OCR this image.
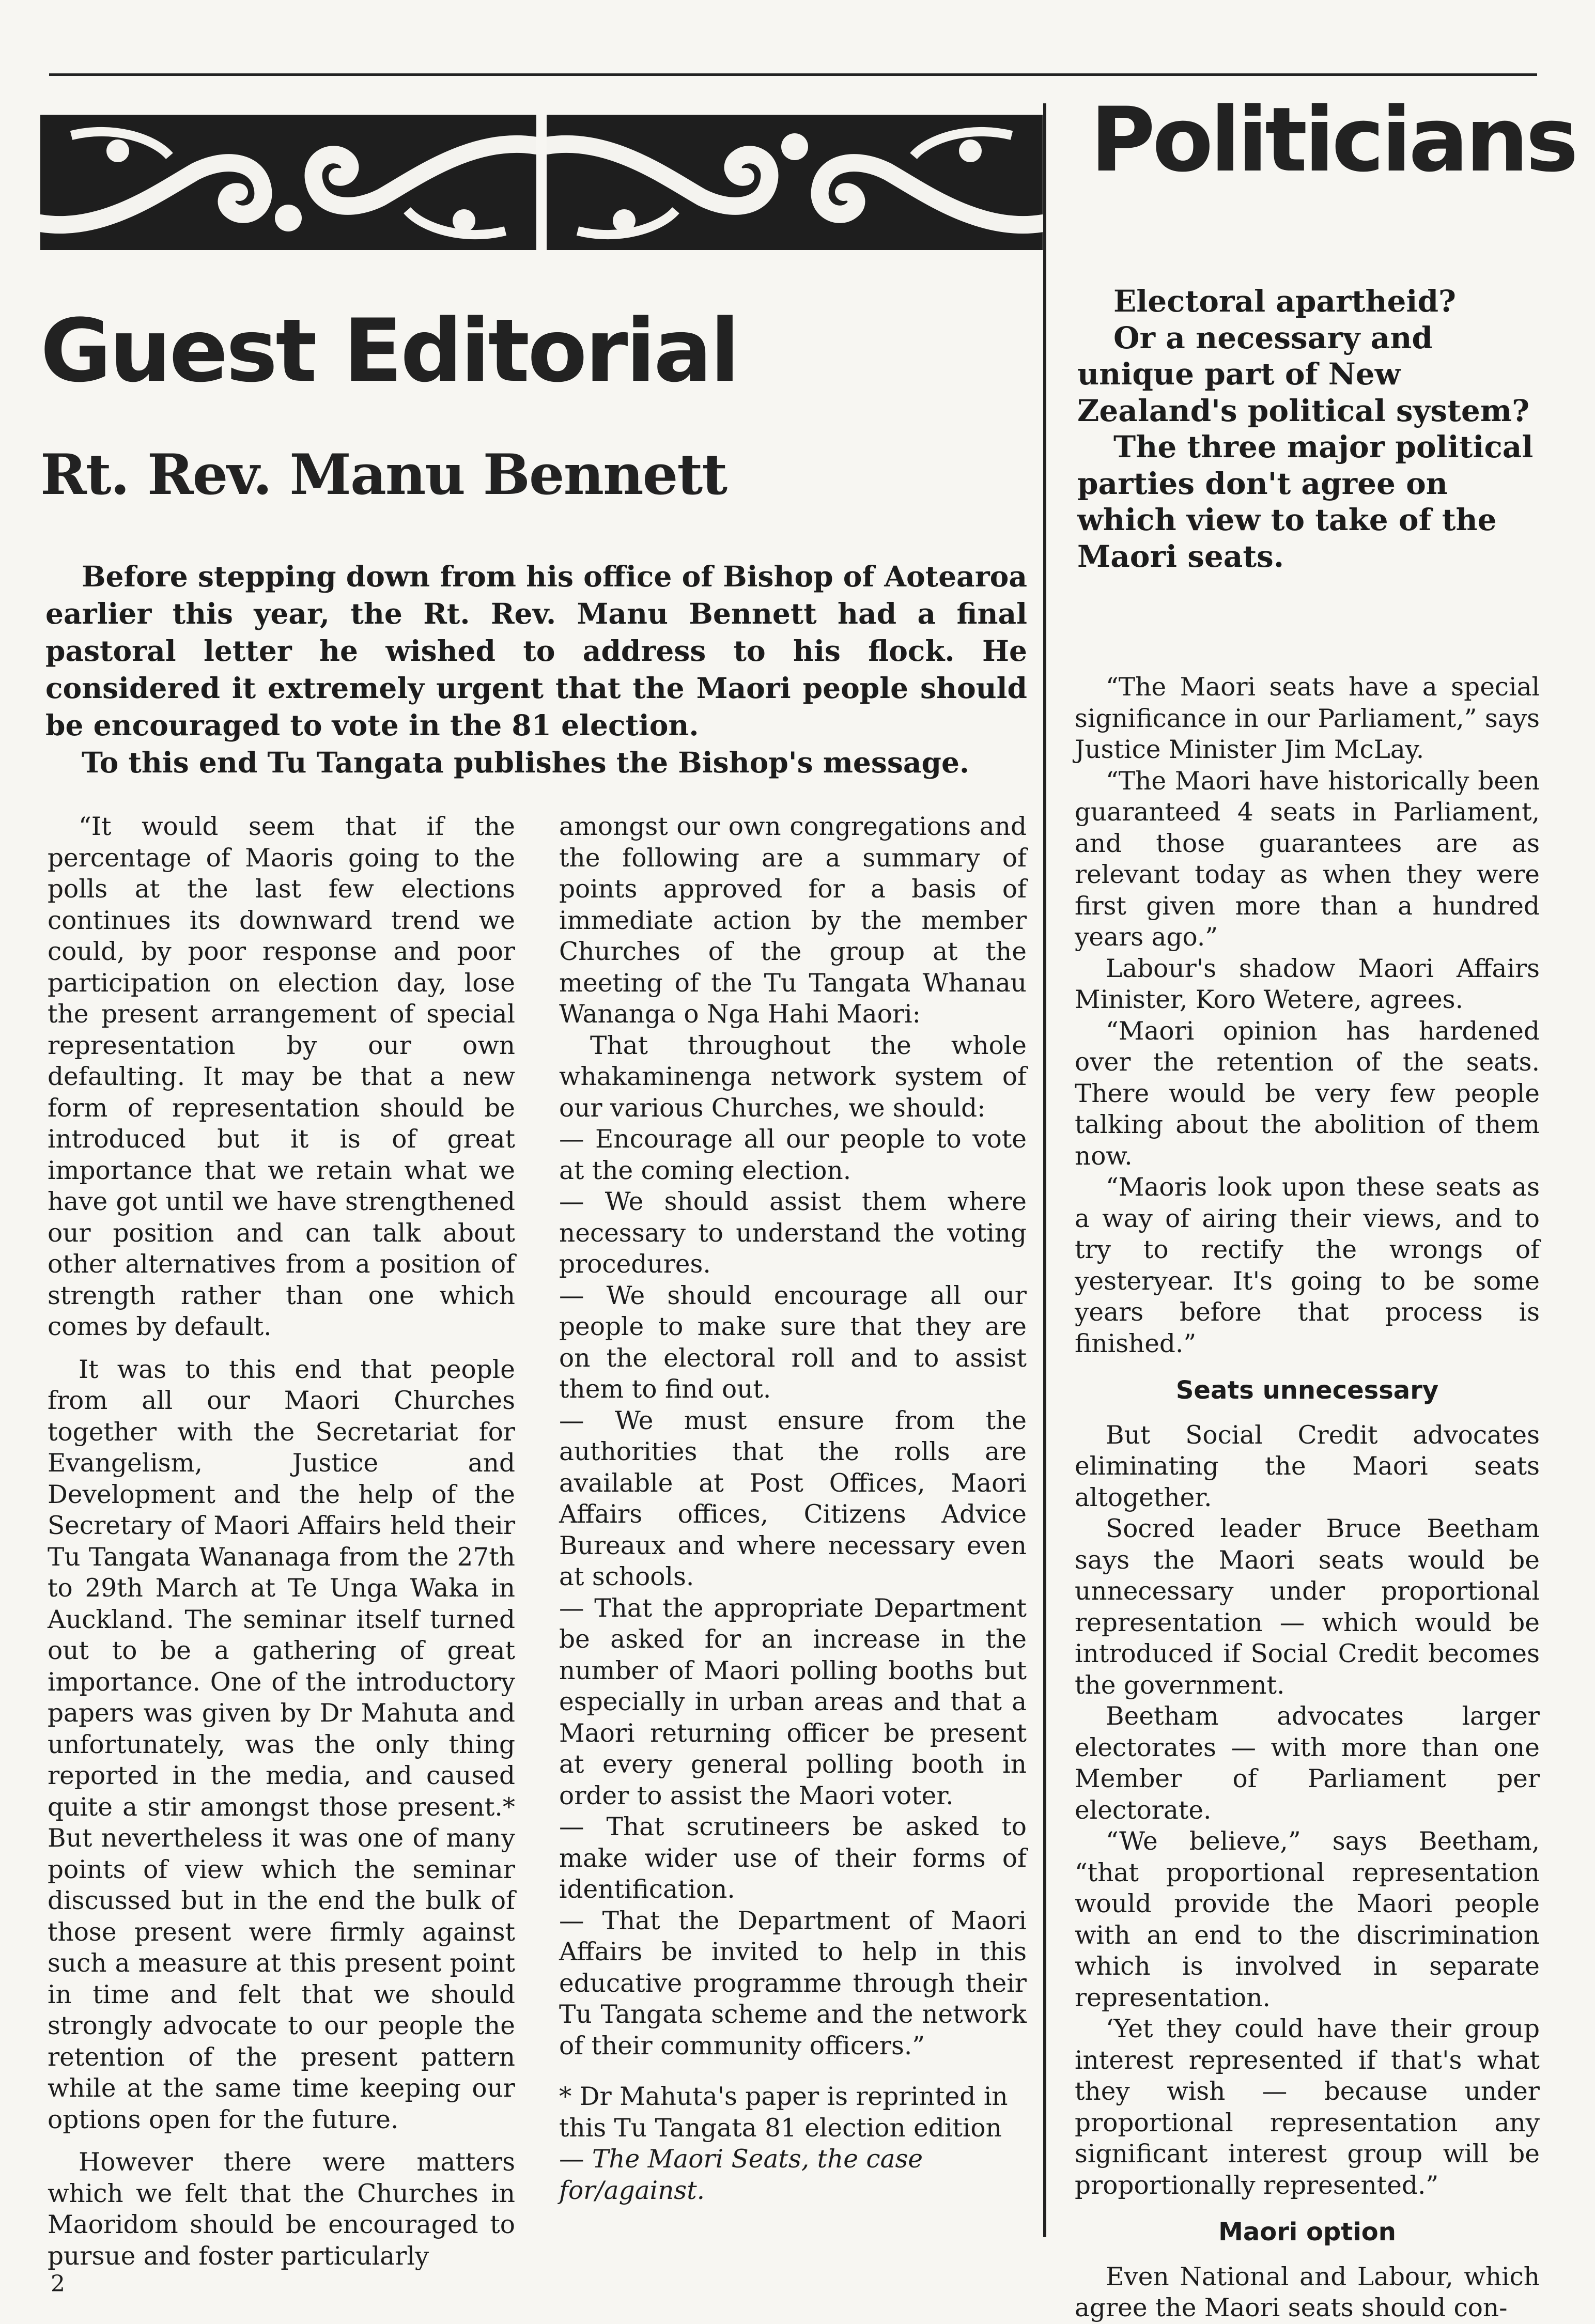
Guest Editorial
Rt. Rev. Manu Bennett

Before stepping down from his office of Bishop of Aotearoa earlier this year, the Rt. Rev. Manu Bennett had a final pastoral letter he wished to address to his flock. He considered it extremely urgent that the Maori people should be encouraged to vote in the 81 election.

To this end Tu Tangata publishes the Bishop's message.

“It would seem that if the percentage of Maoris going to the polls at the last few elections continues its downward trend we could, by poor response and poor participation on election day, lose the present arrangement of special representation by our own defaulting. It may be that a new form of representation should be introduced but it is of great importance that we retain what we have got until we have strengthened our position and can talk about other alternatives from a position of strength rather than one which comes by default.

It was to this end that people from all our Maori Churches together with the Secretariat for Evangelism, Justice and Development and the help of the Secretary of Maori Affairs held their Tu Tangata Wananaga from the 27th to 29th March at Te Unga Waka in Auckland. The seminar itself turned out to be a gathering of great importance. One of the introductory papers was given by Dr Mahuta and unfortunately, was the only thing reported in the media, and caused quite a stir amongst those present.* But nevertheless it was one of many points of view which the seminar discussed but in the end the bulk of those present were firmly against such a measure at this present point in time and felt that we should strongly advocate to our people the retention of the present pattern while at the same time keeping our options open for the future.

However there were matters which we felt that the Churches in Maoridom should be encouraged to pursue and foster particularly

amongst our own congregations and the following are a summary of points approved for a basis of immediate action by the member Churches of the group at the meeting of the Tu Tangata Whanau Wananga o Nga Hahi Maori:

That throughout the whole whakaminenga network system of our various Churches, we should:

— Encourage all our people to vote at the coming election.

— We should assist them where necessary to understand the voting procedures.

— We should encourage all our people to make sure that they are on the electoral roll and to assist them to find out.

— We must ensure from the authorities that the rolls are available at Post Offices, Maori Affairs offices, Citizens Advice Bureaux and where necessary even at schools.

— That the appropriate Department be asked for an increase in the number of Maori polling booths but especially in urban areas and that a Maori returning officer be present at every general polling booth in order to assist the Maori voter.

— That scrutineers be asked to make wider use of their forms of identification.

— That the Department of Maori Affairs be invited to help in this educative programme through their Tu Tangata scheme and the network of their community officers.”

* Dr Mahuta's paper is reprinted in this Tu Tangata 81 election edition — The Maori Seats, the case for/against.

Politicians

Electoral apartheid?

Or a necessary and unique part of New Zealand's political system?

The three major political parties don't agree on which view to take of the Maori seats.

“The Maori seats have a special significance in our Parliament,” says Justice Minister Jim McLay.

“The Maori have historically been guaranteed 4 seats in Parliament, and those guarantees are as relevant today as when they were first given more than a hundred years ago.”

Labour's shadow Maori Affairs Minister, Koro Wetere, agrees.

“Maori opinion has hardened over the retention of the seats. There would be very few people talking about the abolition of them now.

“Maoris look upon these seats as a way of airing their views, and to try to rectify the wrongs of yesteryear. It's going to be some years before that process is finished.”

Seats unnecessary

But Social Credit advocates eliminating the Maori seats altogether.

Socred leader Bruce Beetham says the Maori seats would be unnecessary under proportional representation — which would be introduced if Social Credit becomes the government.

Beetham advocates larger electorates — with more than one Member of Parliament per electorate.

“We believe,” says Beetham, “that proportional representation would provide the Maori people with an end to the discrimination which is involved in separate representation.

‘Yet they could have their group interest represented if that's what they wish — because under proportional representation any significant interest group will be proportionally represented.”

Maori option

Even National and Labour, which agree the Maori seats should con-

2
